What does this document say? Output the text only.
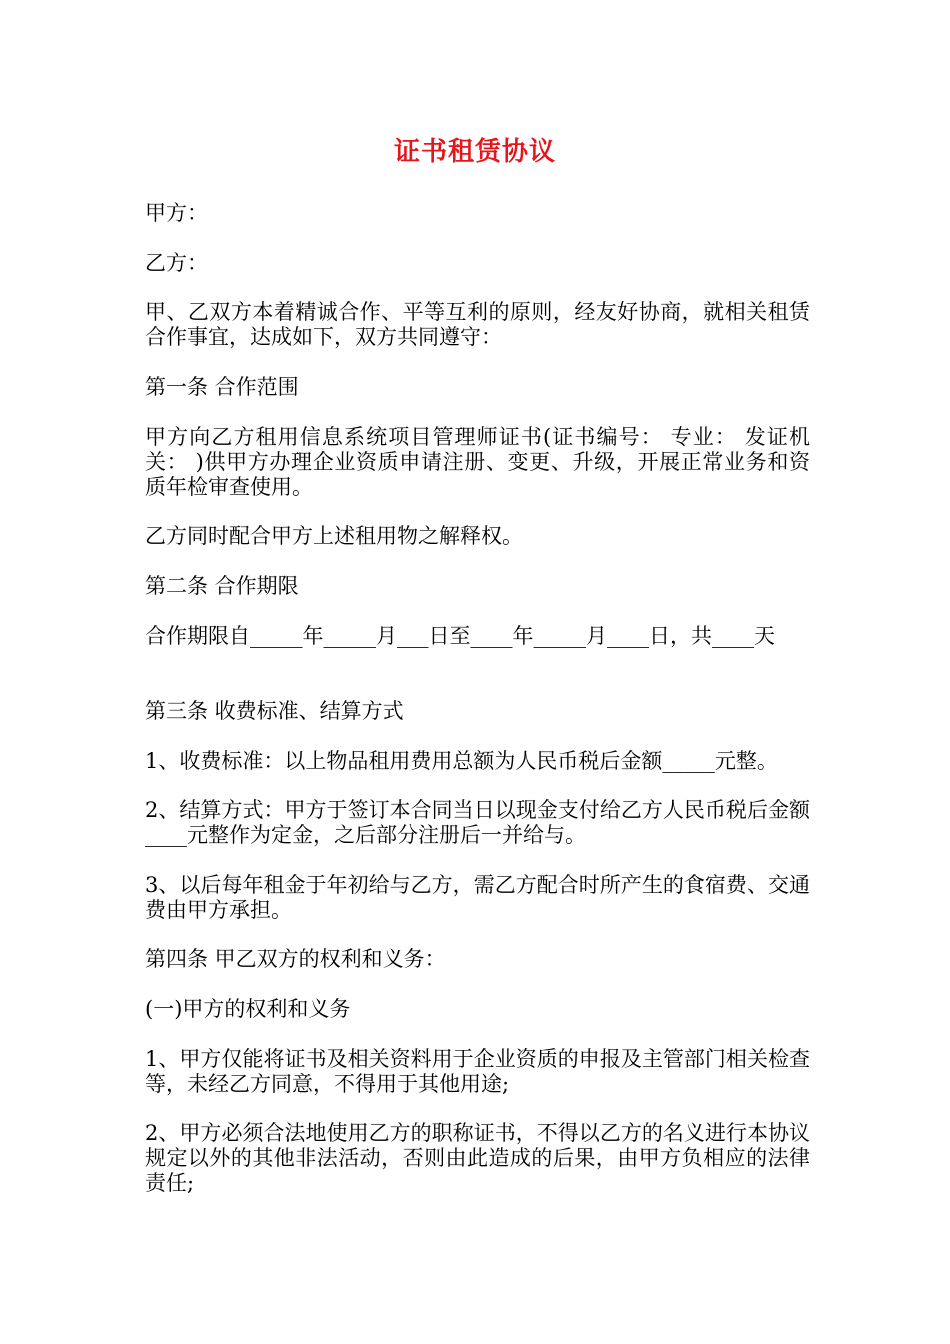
证书租赁协议

甲方：

乙方：

甲、乙双方本着精诚合作、平等互利的原则，经友好协商，就相关租赁合作事宜，达成如下，双方共同遵守：

第一条 合作范围

甲方向乙方租用信息系统项目管理师证书(证书编号： 专业： 发证机关： )供甲方办理企业资质申请注册、变更、升级，开展正常业务和资质年检审查使用。

乙方同时配合甲方上述租用物之解释权。

第二条 合作期限

合作期限自_____年_____月___日至____年_____月____日，共____天

第三条 收费标准、结算方式

1、收费标准：以上物品租用费用总额为人民币税后金额_____元整。

2、结算方式：甲方于签订本合同当日以现金支付给乙方人民币税后金额____元整作为定金，之后部分注册后一并给与。

3、以后每年租金于年初给与乙方，需乙方配合时所产生的食宿费、交通费由甲方承担。

第四条 甲乙双方的权利和义务：

(一)甲方的权利和义务

1、甲方仅能将证书及相关资料用于企业资质的申报及主管部门相关检查等，未经乙方同意，不得用于其他用途;

2、甲方必须合法地使用乙方的职称证书，不得以乙方的名义进行本协议规定以外的其他非法活动，否则由此造成的后果，由甲方负相应的法律责任;
